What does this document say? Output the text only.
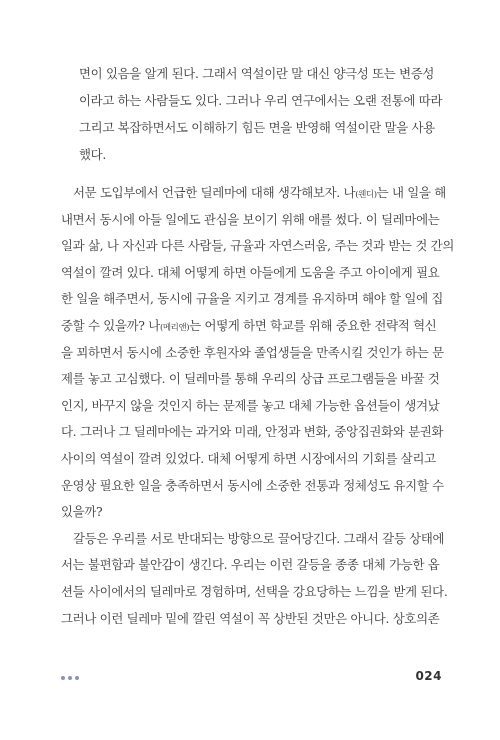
면이 있음을 알게 된다. 그래서 역설이란 말 대신 양극성 또는 변증성
이라고 하는 사람들도 있다. 그러나 우리 연구에서는 오랜 전통에 따라
그리고 복잡하면서도 이해하기 힘든 면을 반영해 역설이란 말을 사용
했다.
서문 도입부에서 언급한 딜레마에 대해 생각해보자. 나(웬디)는 내 일을 해
내면서 동시에 아들 일에도 관심을 보이기 위해 애를 썼다. 이 딜레마에는
일과 삶, 나 자신과 다른 사람들, 규율과 자연스러움, 주는 것과 받는 것 간의
역설이 깔려 있다. 대체 어떻게 하면 아들에게 도움을 주고 아이에게 필요
한 일을 해주면서, 동시에 규율을 지키고 경계를 유지하며 해야 할 일에 집
중할 수 있을까? 나(메리앤)는 어떻게 하면 학교를 위해 중요한 전략적 혁신
을 꾀하면서 동시에 소중한 후원자와 졸업생들을 만족시킬 것인가 하는 문
제를 놓고 고심했다. 이 딜레마를 통해 우리의 상급 프로그램들을 바꿀 것
인지, 바꾸지 않을 것인지 하는 문제를 놓고 대체 가능한 옵션들이 생겨났
다. 그러나 그 딜레마에는 과거와 미래, 안정과 변화, 중앙집권화와 분권화
사이의 역설이 깔려 있었다. 대체 어떻게 하면 시장에서의 기회를 살리고
운영상 필요한 일을 충족하면서 동시에 소중한 전통과 정체성도 유지할 수
있을까?
갈등은 우리를 서로 반대되는 방향으로 끌어당긴다. 그래서 갈등 상태에
서는 불편함과 불안감이 생긴다. 우리는 이런 갈등을 종종 대체 가능한 옵
션들 사이에서의 딜레마로 경험하며, 선택을 강요당하는 느낌을 받게 된다.
그러나 이런 딜레마 밑에 깔린 역설이 꼭 상반된 것만은 아니다. 상호의존
024
